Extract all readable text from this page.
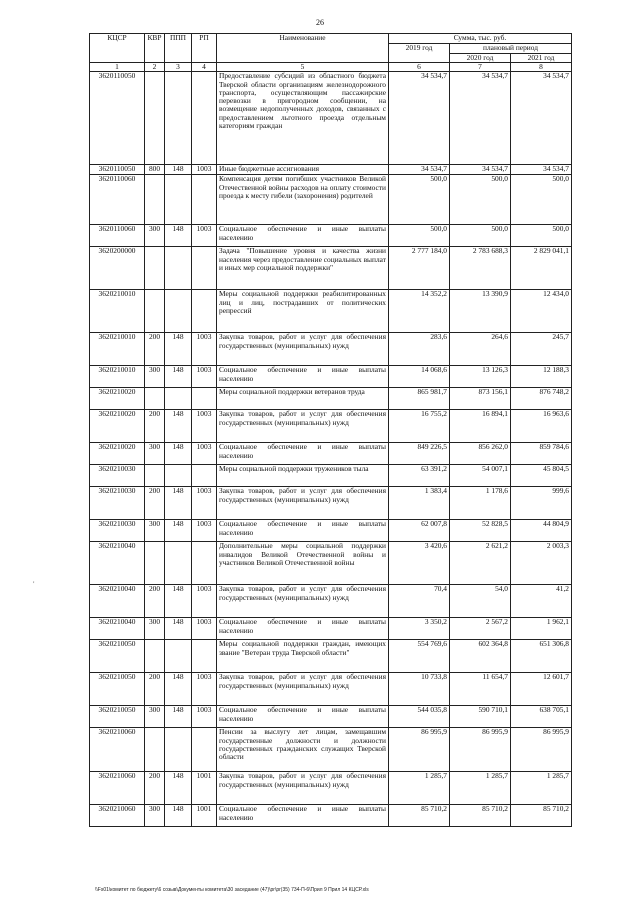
26
КЦСР	КВР	ППП	РП	Наименование	Сумма, тыс. руб.		
					2019 год	плановый период	
						2020 год	2021 год
1	2	3	4	5	6	7	8
3620110050				Предоставление субсидий из областного бюджета Тверской области организациям железнодорожного транспорта, осуществляющим пассажирские перевозки в пригородном сообщении, на возмещение недополученных доходов, связанных с предоставлением льготного проезда отдельным категориям граждан	34 534,7	34 534,7	34 534,7
3620110050	800	148	1003	Иные бюджетные ассигнования	34 534,7	34 534,7	34 534,7
3620110060				Компенсация детям погибших участников Великой Отечественной войны расходов на оплату стоимости проезда к месту гибели (захоронения) родителей	500,0	500,0	500,0
3620110060	300	148	1003	Социальное обеспечение и иные выплаты населению	500,0	500,0	500,0
3620200000				Задача "Повышение уровня и качества жизни населения через предоставление социальных выплат и иных мер социальной поддержки"	2 777 184,0	2 783 688,3	2 829 041,1
3620210010				Меры социальной поддержки реабилитированных лиц и лиц, пострадавших от политических репрессий	14 352,2	13 390,9	12 434,0
3620210010	200	148	1003	Закупка товаров, работ и услуг для обеспечения государственных (муниципальных) нужд	283,6	264,6	245,7
3620210010	300	148	1003	Социальное обеспечение и иные выплаты населению	14 068,6	13 126,3	12 188,3
3620210020				Меры социальной поддержки ветеранов труда	865 981,7	873 156,1	876 748,2
3620210020	200	148	1003	Закупка товаров, работ и услуг для обеспечения государственных (муниципальных) нужд	16 755,2	16 894,1	16 963,6
3620210020	300	148	1003	Социальное обеспечение и иные выплаты населению	849 226,5	856 262,0	859 784,6
3620210030				Меры социальной поддержки тружеников тыла	63 391,2	54 007,1	45 804,5
3620210030	200	148	1003	Закупка товаров, работ и услуг для обеспечения государственных (муниципальных) нужд	1 383,4	1 178,6	999,6
3620210030	300	148	1003	Социальное обеспечение и иные выплаты населению	62 007,8	52 828,5	44 804,9
3620210040				Дополнительные меры социальной поддержки инвалидов Великой Отечественной войны и участников Великой Отечественной войны	3 420,6	2 621,2	2 003,3
3620210040	200	148	1003	Закупка товаров, работ и услуг для обеспечения государственных (муниципальных) нужд	70,4	54,0	41,2
3620210040	300	148	1003	Социальное обеспечение и иные выплаты населению	3 350,2	2 567,2	1 962,1
3620210050				Меры социальной поддержки граждан, имеющих звание "Ветеран труда Тверской области"	554 769,6	602 364,8	651 306,8
3620210050	200	148	1003	Закупка товаров, работ и услуг для обеспечения государственных (муниципальных) нужд	10 733,8	11 654,7	12 601,7
3620210050	300	148	1003	Социальное обеспечение и иные выплаты населению	544 035,8	590 710,1	638 705,1
3620210060				Пенсии за выслугу лет лицам, замещавшим государственные должности и должности государственных гражданских служащих Тверской области	86 995,9	86 995,9	86 995,9
3620210060	200	148	1001	Закупка товаров, работ и услуг для обеспечения государственных (муниципальных) нужд	1 285,7	1 285,7	1 285,7
3620210060	300	148	1001	Социальное обеспечение и иные выплаты населению	85 710,2	85 710,2	85 710,2
,
\\Fs01\комитет по бюджету\6 созыв\Документы комитета\30 заседание (47)\pr\pr(35) 734-П-6\Прил 9 Прил 14 КЦСР.xls
